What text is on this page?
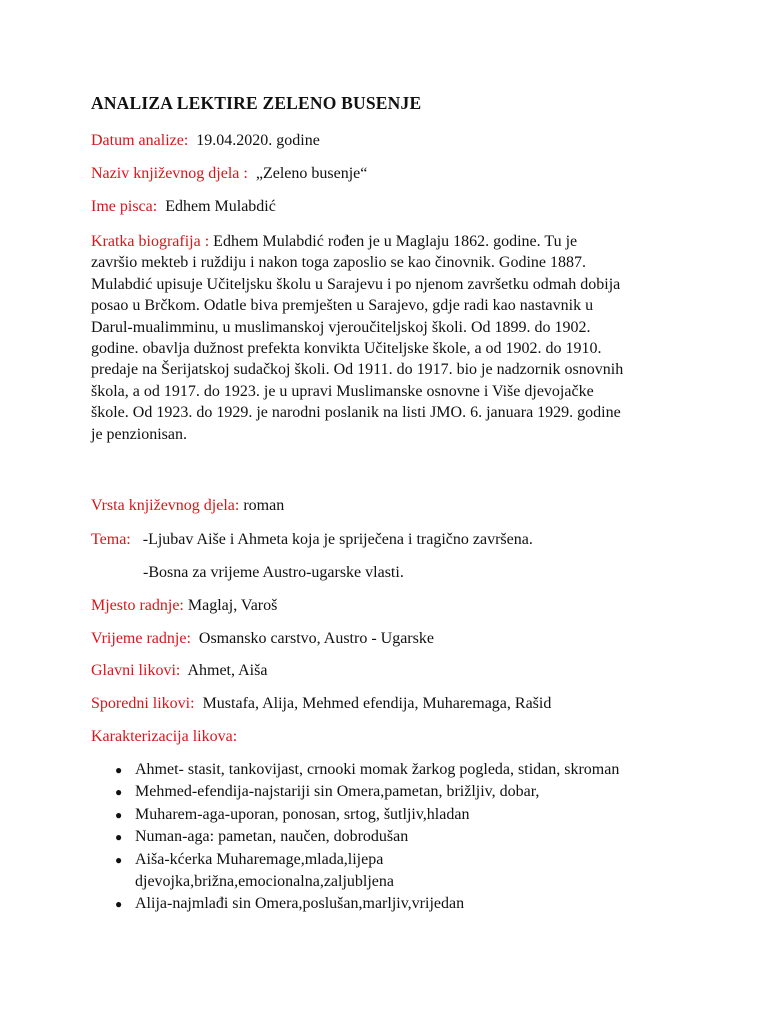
ANALIZA LEKTIRE ZELENO BUSENJE
Datum analize: 19.04.2020. godine
Naziv književnog djela : „Zeleno busenje“
Ime pisca: Edhem Mulabdić
Kratka biografija : Edhem Mulabdić rođen je u Maglaju 1862. godine. Tu je
završio mekteb i ruždiju i nakon toga zaposlio se kao činovnik. Godine 1887.
Mulabdić upisuje Učiteljsku školu u Sarajevu i po njenom završetku odmah dobija
posao u Brčkom. Odatle biva premješten u Sarajevo, gdje radi kao nastavnik u
Darul-mualimminu, u muslimanskoj vjeroučiteljskoj školi. Od 1899. do 1902.
godine. obavlja dužnost prefekta konvikta Učiteljske škole, a od 1902. do 1910.
predaje na Šerijatskoj sudačkoj školi. Od 1911. do 1917. bio je nadzornik osnovnih
škola, a od 1917. do 1923. je u upravi Muslimanske osnovne i Više djevojačke
škole. Od 1923. do 1929. je narodni poslanik na listi JMO. 6. januara 1929. godine
je penzionisan.
Vrsta književnog djela: roman
Tema: -Ljubav Aiše i Ahmeta koja je spriječena i tragično završena.
-Bosna za vrijeme Austro-ugarske vlasti.
Mjesto radnje: Maglaj, Varoš
Vrijeme radnje: Osmansko carstvo, Austro - Ugarske
Glavni likovi: Ahmet, Aiša
Sporedni likovi: Mustafa, Alija, Mehmed efendija, Muharemaga, Rašid
Karakterizacija likova:
● Ahmet- stasit, tankovijast, crnooki momak žarkog pogleda, stidan, skroman
● Mehmed-efendija-najstariji sin Omera,pametan, brižljiv, dobar,
● Muharem-aga-uporan, ponosan, srtog, šutljiv,hladan
● Numan-aga: pametan, naučen, dobrodušan
● Aiša-kćerka Muharemage,mlada,lijepa
djevojka,brižna,emocionalna,zaljubljena
● Alija-najmlađi sin Omera,poslušan,marljiv,vrijedan
